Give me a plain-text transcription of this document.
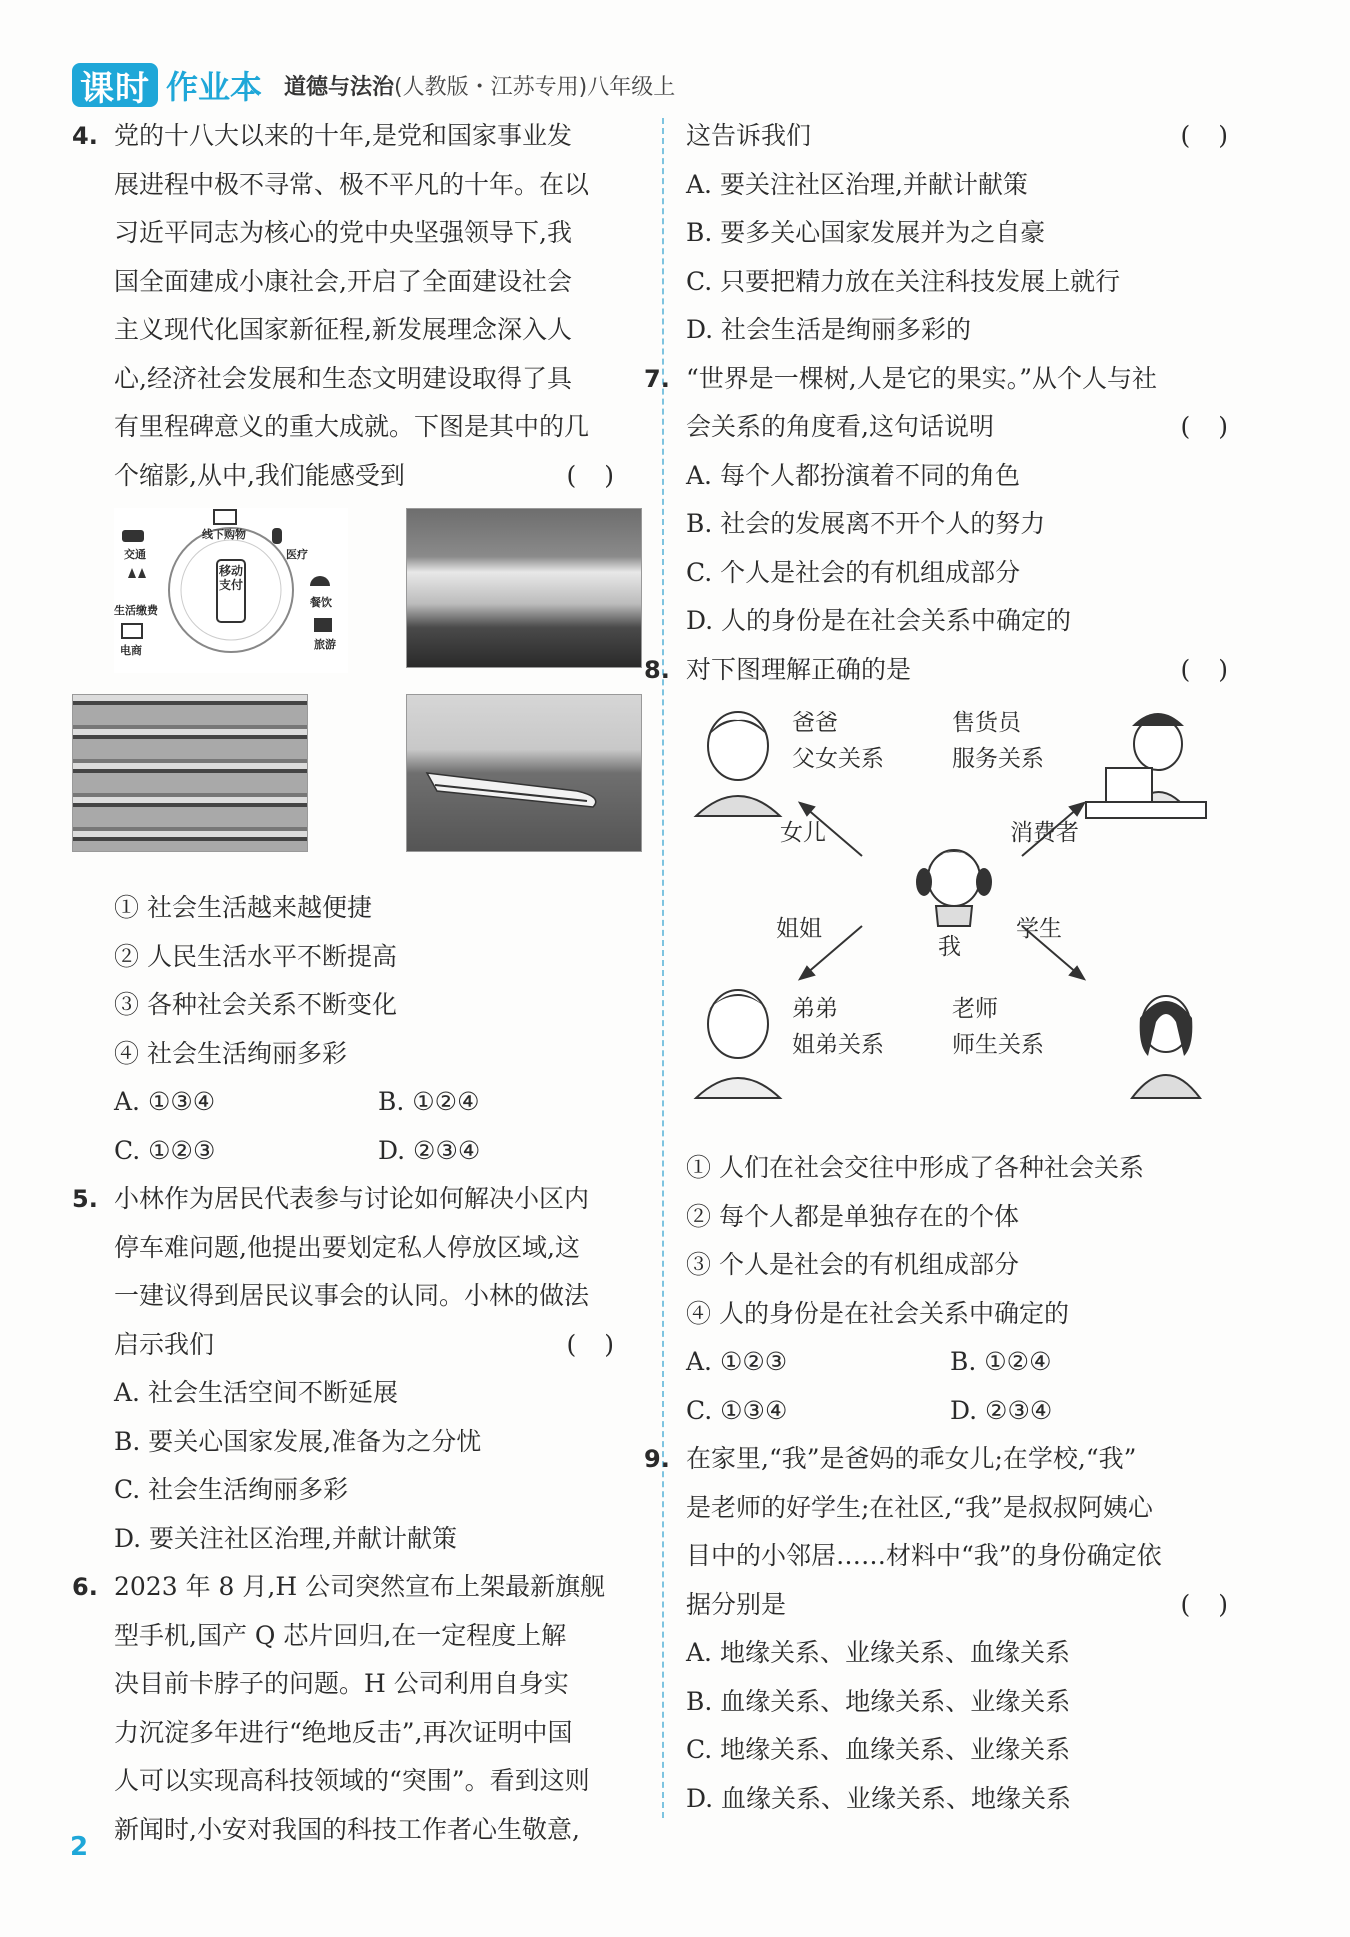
课时 作业本 道德与法治 (人教版・江苏专用)八年级上
4. 党的十八大以来的十年,是党和国家事业发
展进程中极不寻常、极不平凡的十年。在以
习近平同志为核心的党中央坚强领导下,我
国全面建成小康社会,开启了全面建设社会
主义现代化国家新征程,新发展理念深入人
心,经济社会发展和生态文明建设取得了具
有里程碑意义的重大成就。下图是其中的几
个缩影,从中,我们能感受到	()
移动支付
线下购物
医疗
餐饮
旅游
电商
生活缴费
交通
① 社会生活越来越便捷
② 人民生活水平不断提高
③ 各种社会关系不断变化
④ 社会生活绚丽多彩
A. ①③④	B. ①②④
C. ①②③	D. ②③④
5. 小林作为居民代表参与讨论如何解决小区内
停车难问题,他提出要划定私人停放区域,这
一建议得到居民议事会的认同。小林的做法
启示我们	()
A. 社会生活空间不断延展
B. 要关心国家发展,准备为之分忧
C. 社会生活绚丽多彩
D. 要关注社区治理,并献计献策
6. 2023 年 8 月,H 公司突然宣布上架最新旗舰
型手机,国产 Q 芯片回归,在一定程度上解
决目前卡脖子的问题。H 公司利用自身实
力沉淀多年进行“绝地反击”,再次证明中国
人可以实现高科技领域的“突围”。看到这则
新闻时,小安对我国的科技工作者心生敬意,
这告诉我们	()
A. 要关注社区治理,并献计献策
B. 要多关心国家发展并为之自豪
C. 只要把精力放在关注科技发展上就行
D. 社会生活是绚丽多彩的
7. “世界是一棵树,人是它的果实。”从个人与社
会关系的角度看,这句话说明	()
A. 每个人都扮演着不同的角色
B. 社会的发展离不开个人的努力
C. 个人是社会的有机组成部分
D. 人的身份是在社会关系中确定的
8. 对下图理解正确的是	()
爸爸
父女关系
售货员
服务关系
女儿	消费者
我
姐姐	学生
弟弟
姐弟关系
老师
师生关系
① 人们在社会交往中形成了各种社会关系
② 每个人都是单独存在的个体
③ 个人是社会的有机组成部分
④ 人的身份是在社会关系中确定的
A. ①②③	B. ①②④
C. ①③④	D. ②③④
9. 在家里,“我”是爸妈的乖女儿;在学校,“我”
是老师的好学生;在社区,“我”是叔叔阿姨心
目中的小邻居……材料中“我”的身份确定依
据分别是	()
A. 地缘关系、业缘关系、血缘关系
B. 血缘关系、地缘关系、业缘关系
C. 地缘关系、血缘关系、业缘关系
D. 血缘关系、业缘关系、地缘关系
2
